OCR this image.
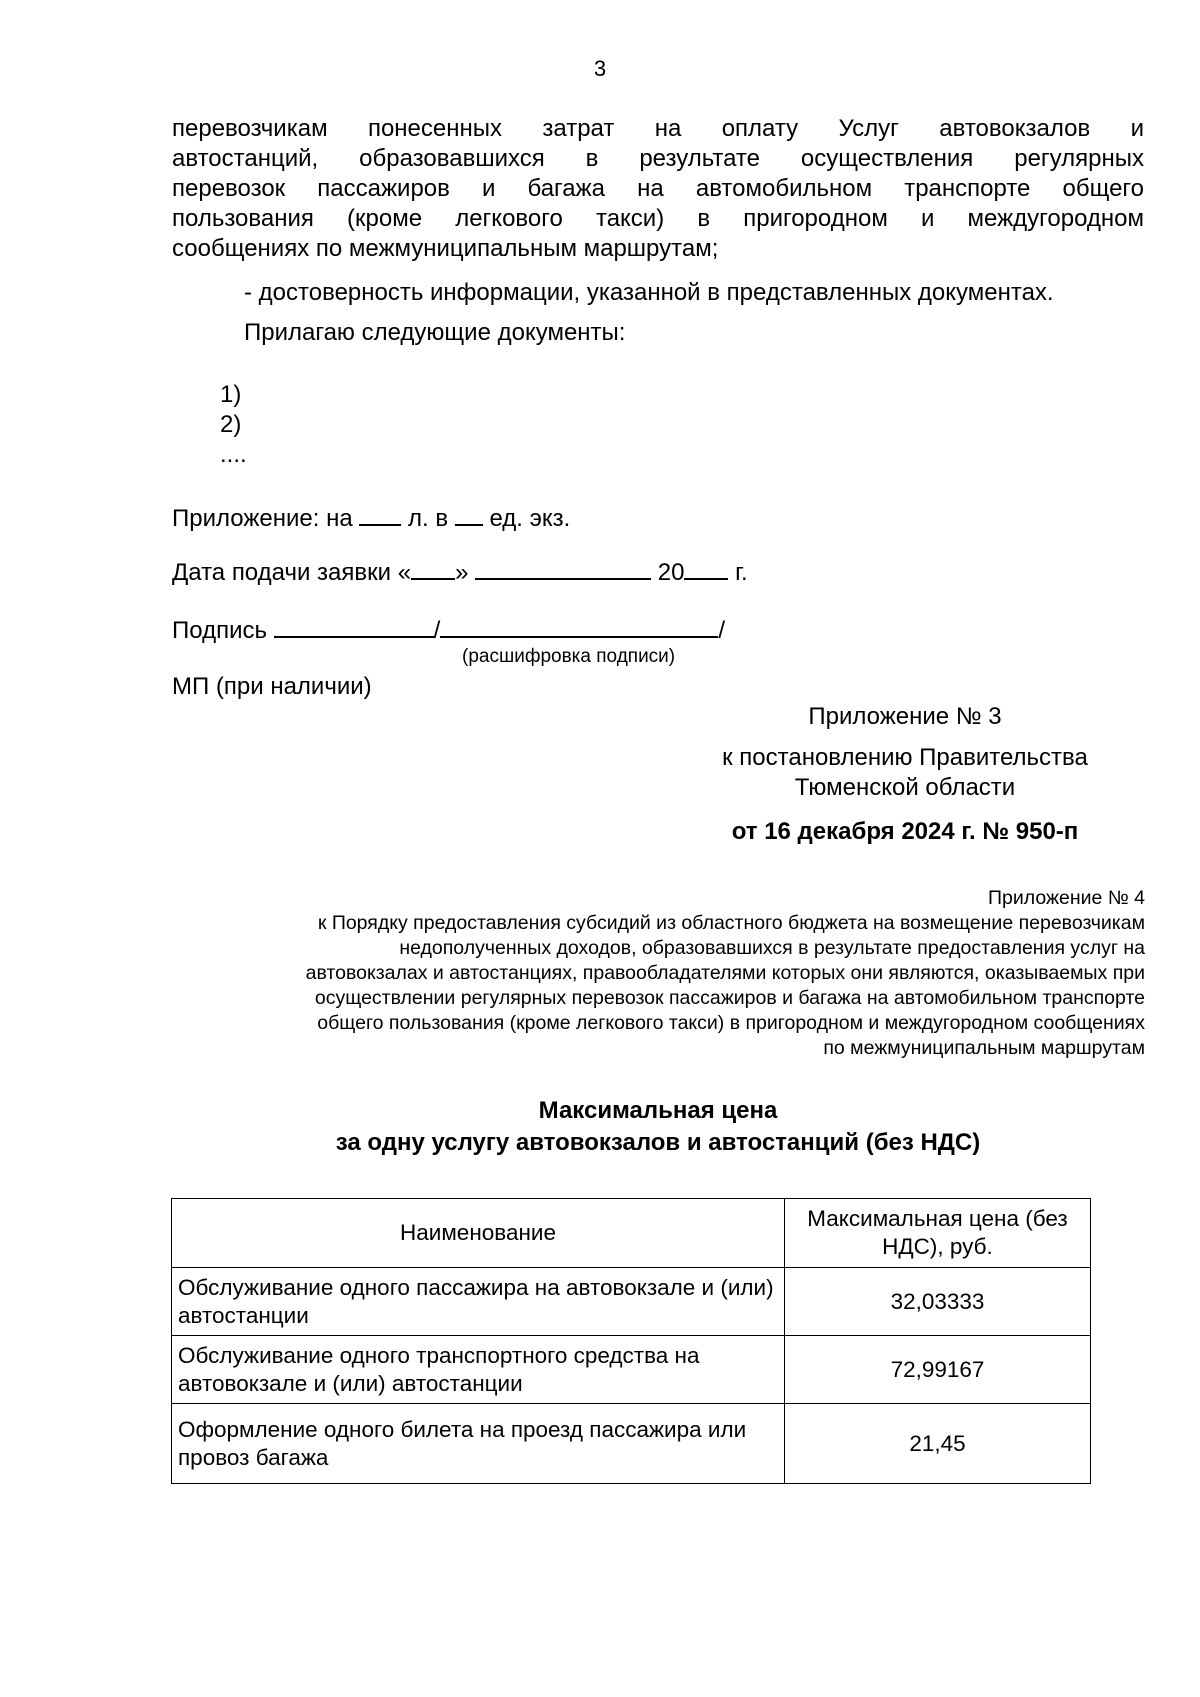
3
перевозчикам понесенных затрат на оплату Услуг автовокзалов и
автостанций, образовавшихся в результате осуществления регулярных
перевозок пассажиров и багажа на автомобильном транспорте общего
пользования (кроме легкового такси) в пригородном и междугородном
сообщениях по межмуниципальным маршрутам;
- достоверность информации, указанной в представленных документах.
Прилагаю следующие документы:
1)
2)
....
Приложение: на л. в ед. экз.
Дата подачи заявки « »	20 г.
Подпись	/	/
(расшифровка подписи)
МП (при наличии)
Приложение № 3
к постановлению Правительства
Тюменской области
от 16 декабря 2024 г. № 950-п
Приложение № 4
к Порядку предоставления субсидий из областного бюджета на возмещение перевозчикам
недополученных доходов, образовавшихся в результате предоставления услуг на
автовокзалах и автостанциях, правообладателями которых они являются, оказываемых при
осуществлении регулярных перевозок пассажиров и багажа на автомобильном транспорте
общего пользования (кроме легкового такси) в пригородном и междугородном сообщениях
по межмуниципальным маршрутам
Максимальная цена
за одну услугу автовокзалов и автостанций (без НДС)
Наименование	Максимальная цена (без НДС), руб.
Обслуживание одного пассажира на автовокзале и (или) автостанции	32,03333
Обслуживание одного транспортного средства на автовокзале и (или) автостанции	72,99167
Оформление одного билета на проезд пассажира или провоз багажа	21,45
